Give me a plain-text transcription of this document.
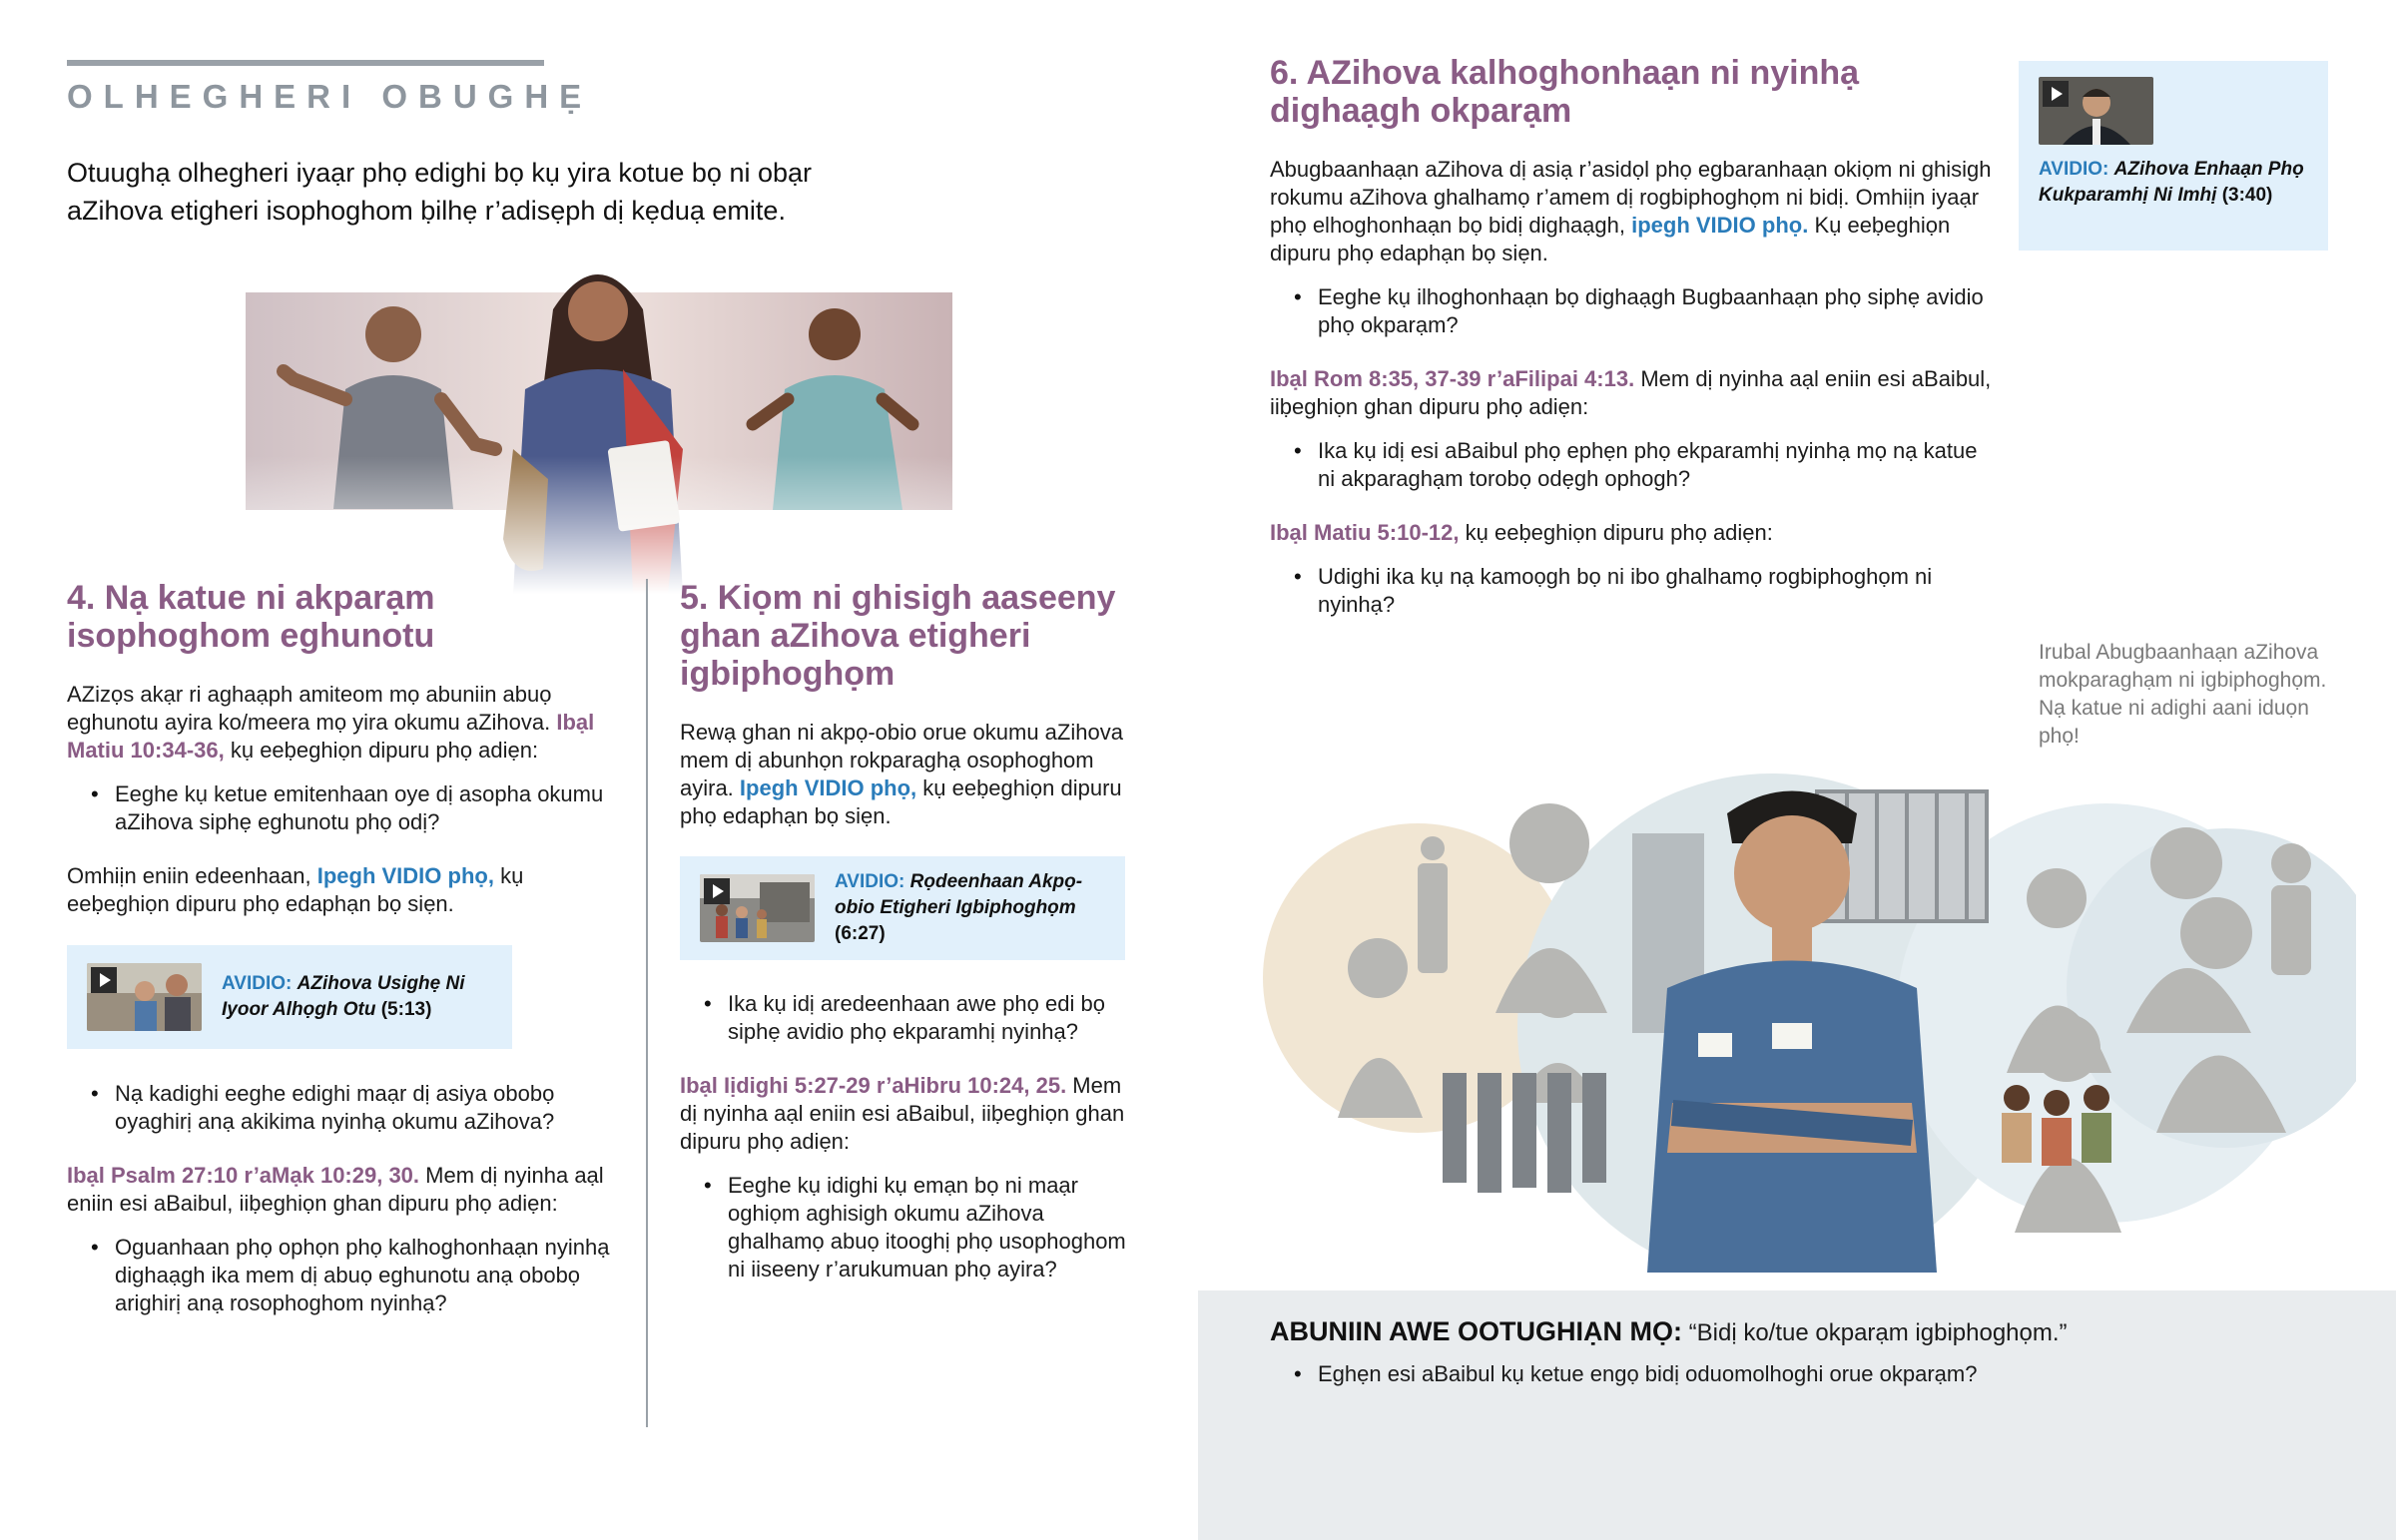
OLHEGHERI OBUGHẸ
Otuughạ olhegheri iyaạr phọ edighi bọ kụ yira kotue bọ ni obạr aZihova etigheri isophoghom ḅilhẹ r’adisẹph dị kẹduạ emite.
4. Nạ katue ni akparạm isophoghom eghunotu

AZizọs akạr ri aghaạph amiteom mọ abuniin abuọ eghunotu ayira ko/meera mọ yira okumu aZihova. Ibạl Matiu 10:34-36, kụ eeḅeghiọn dipuru phọ adiẹn:

• Eeghe kụ ketue emitenhaan oye dị asopha okumu aZihova siphẹ eghunotu phọ odị?

Omhiịn eniin edeenhaan, Ipegh VIDIO phọ, kụ eeḅeghiọn dipuru phọ edaphạn bọ siẹn.

AVIDIO: AZihova Usighẹ Ni Iyoor Alhọgh Otu (5:13)
• Nạ kadighi eeghe edighi maạr dị asiya obobọ oyaghirị anạ akikima nyinhạ okumu aZihova?

Ibạl Psalm 27:10 r’aMạk 10:29, 30. Mem dị nyinha aạl eniin esi aBaibul, iiḅeghiọn ghan dipuru phọ adiẹn:

• Oguanhaan phọ ophọn phọ kalhoghonhaạn nyinhạ dighaạgh ika mem dị abuọ eghunotu anạ obobọ arighirị anạ rosophoghom nyinhạ?
5. Kiọm ni ghisigh aaseeny ghan aZihova etigheri igbiphoghọm

Rewạ ghan ni akpọ-obio orue okumu aZihova mem dị abunhọn rokparaghạ osophoghom ayira. Ipegh VIDIO phọ, kụ eeḅeghiọn dipuru phọ edaphạn bọ siẹn.

AVIDIO: Rọdeenhaan Akpọ-obio Etigheri Igbiphoghọm (6:27)
• Ika kụ idị aredeenhaan awe phọ edi bọ siphẹ avidio phọ ekparamhị nyinhạ?

Ibạl Iịdighi 5:27-29 r’aHibru 10:24, 25. Mem dị nyinha aạl eniin esi aBaibul, iiḅeghiọn ghan dipuru phọ adiẹn:

• Eeghe kụ idighi kụ emạn bọ ni maạr oghiọm aghisigh okumu aZihova ghalhamọ abuọ itooghị phọ usophoghom ni iiseeny r’arukumuan phọ ayira?
6. AZihova kalhoghonhaạn ni nyinhạ dighaạgh okparạm

Abugbaanhaạn aZihova dị asiạ r’asidọl phọ egbaranhaạn okiọm ni ghisigh rokumu aZihova ghalhamọ r’amem dị rogbiphoghọm ni bidị. Omhiịn iyaạr phọ elhoghonhaạn bọ bidị dighaạgh, ipegh VIDIO phọ. Kụ eeḅeghiọn dipuru phọ edaphạn bọ siẹn.

• Eeghe kụ ilhoghonhaạn bọ dighaạgh Bugbaanhaạn phọ siphẹ avidio phọ okparạm?

Ibạl Rom 8:35, 37-39 r’aFilipai 4:13. Mem dị nyinha aạl eniin esi aBaibul, iiḅeghiọn ghan dipuru phọ adiẹn:

• Ika kụ idị esi aBaibul phọ ephẹn phọ ekparamhị nyinhạ mọ nạ katue ni akparaghạm torobọ odẹgh ophogh?

Ibạl Matiu 5:10-12, kụ eeḅeghiọn dipuru phọ adiẹn:

• Udighi ika kụ nạ kamoọgh bọ ni ibo ghalhamọ rogbiphoghọm ni nyinhạ?
AVIDIO: AZihova Enhaạn Phọ Kukparamhị Ni Imhị (3:40)
Irubal Abugbaanhaạn aZihova mokparaghạm ni igbiphoghọm. Nạ katue ni adighi aani iduọn phọ!

ABUNIIN AWE OOTUGHIẠN MỌ: “Bidị ko/tue okparạm igbiphoghọm.”

• Eghẹn esi aBaibul kụ ketue engọ bidị oduomolhoghi orue okparạm?
